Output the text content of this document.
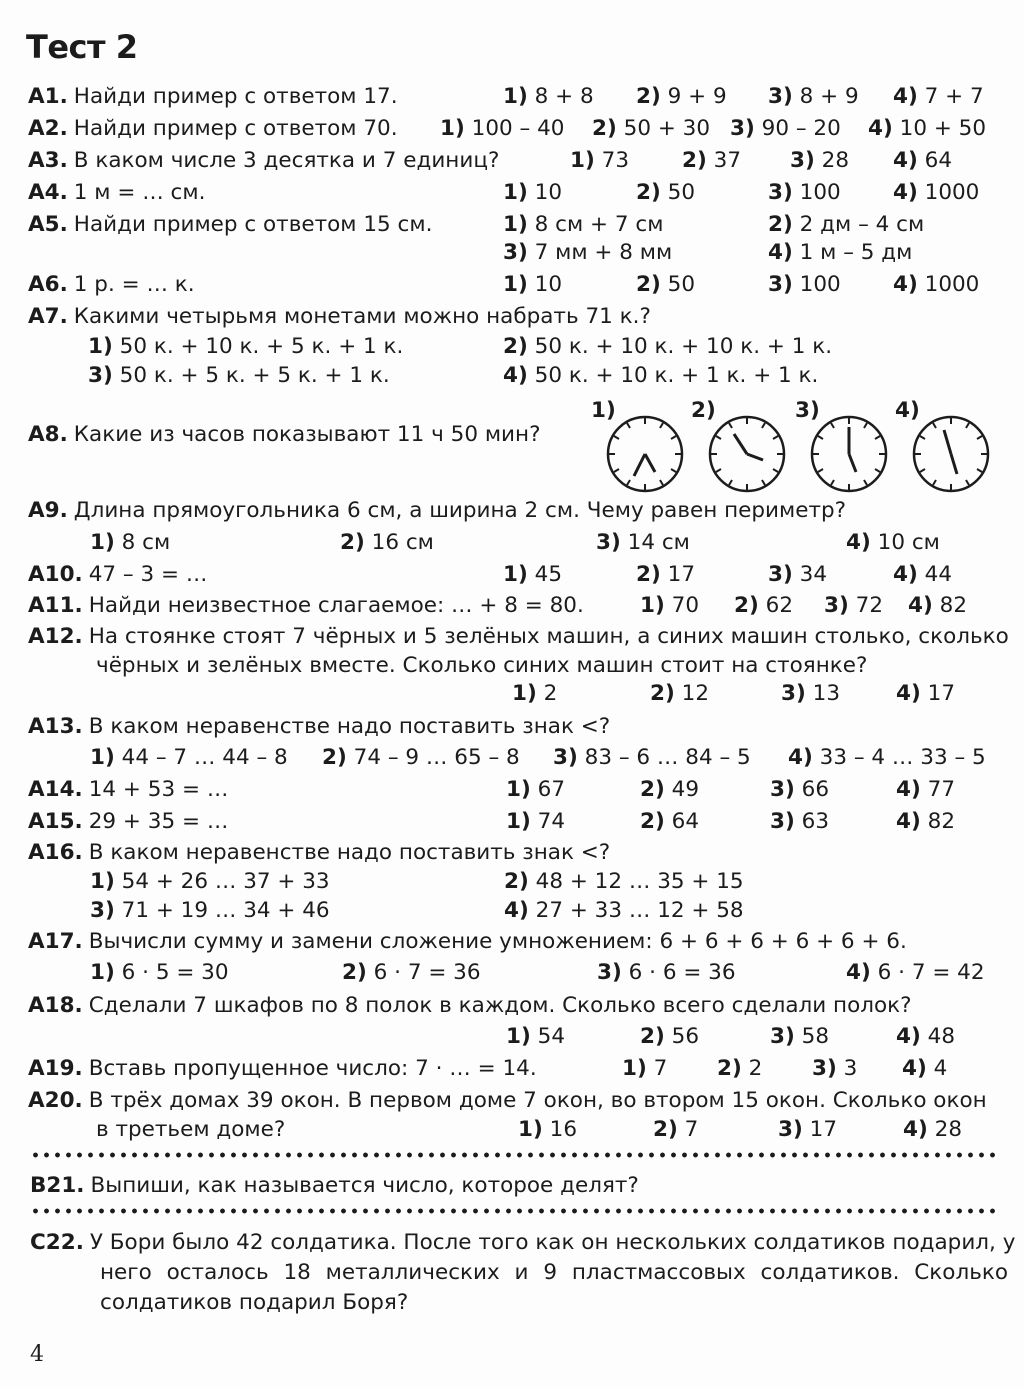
Тест 2
А1. Найди пример с ответом 17.	1) 8 + 8 2) 9 + 9 3) 8 + 9 4) 7 + 7
А2. Найди пример с ответом 70. 1) 100 – 40 2) 50 + 30 3) 90 – 20 4) 10 + 50
А3. В каком числе 3 десятка и 7 единиц?	1) 73 2) 37 3) 28 4) 64
А4. 1 м = … см.	1) 10	2) 50	3) 100 4) 1000
А5. Найди пример с ответом 15 см.	1) 8 см + 7 см	2) 2 дм – 4 см
3) 7 мм + 8 мм	4) 1 м – 5 дм
А6. 1 р. = … к.	1) 10	2) 50	3) 100 4) 1000
А7. Какими четырьмя монетами можно набрать 71 к.?
1) 50 к. + 10 к. + 5 к. + 1 к.	2) 50 к. + 10 к. + 10 к. + 1 к.
3) 50 к. + 5 к. + 5 к. + 1 к.	4) 50 к. + 10 к. + 1 к. + 1 к.
А8. Какие из часов показывают 11 ч 50 мин?
1)	2)	3)	4)
А9. Длина прямоугольника 6 см, а ширина 2 см. Чему равен периметр?
1) 8 см	2) 16 см	3) 14 см	4) 10 см
А10. 47 – 3 = …	1) 45	2) 17	3) 34	4) 44
А11. Найди неизвестное слагаемое: … + 8 = 80.	1) 70 2) 62 3) 72 4) 82
А12. На стоянке стоят 7 чёрных и 5 зелёных машин, а синих машин столько, сколько
чёрных и зелёных вместе. Сколько синих машин стоит на стоянке?
1) 2	2) 12	3) 13	4) 17
А13. В каком неравенстве надо поставить знак <?
1) 44 – 7 … 44 – 8 2) 74 – 9 … 65 – 8 3) 83 – 6 … 84 – 5 4) 33 – 4 … 33 – 5
А14. 14 + 53 = …	1) 67	2) 49	3) 66	4) 77
А15. 29 + 35 = …	1) 74	2) 64	3) 63	4) 82
А16. В каком неравенстве надо поставить знак <?
1) 54 + 26 … 37 + 33	2) 48 + 12 … 35 + 15
3) 71 + 19 … 34 + 46	4) 27 + 33 … 12 + 58
А17. Вычисли сумму и замени сложение умножением: 6 + 6 + 6 + 6 + 6 + 6.
1) 6 · 5 = 30	2) 6 · 7 = 36	3) 6 · 6 = 36	4) 6 · 7 = 42
А18. Сделали 7 шкафов по 8 полок в каждом. Сколько всего сделали полок?
1) 54	2) 56	3) 58	4) 48
А19. Вставь пропущенное число: 7 · … = 14.	1) 7 2) 2 3) 3 4) 4
А20. В трёх домах 39 окон. В первом доме 7 окон, во втором 15 окон. Сколько окон
в третьем доме?	1) 16	2) 7	3) 17	4) 28
В21. Выпиши, как называется число, которое делят?
С22. У Бори было 42 солдатика. После того как он нескольких солдатиков подарил, у
него осталось 18 металлических и 9 пластмассовых солдатиков. Сколько
солдатиков подарил Боря?
4
